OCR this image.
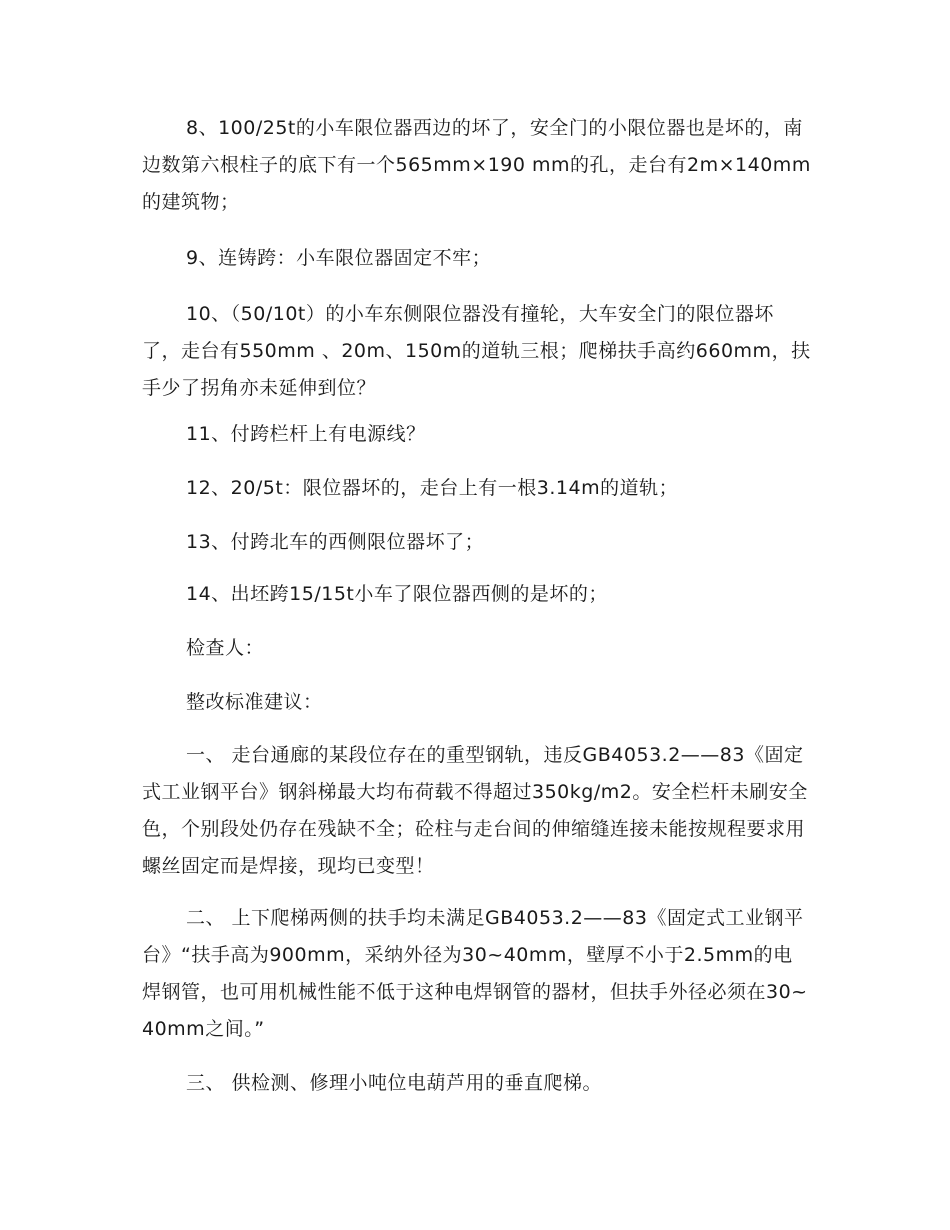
8、100/25t的小车限位器西边的坏了，安全门的小限位器也是坏的，南边数第六根柱子的底下有一个565mm×190 mm的孔，走台有2m×140mm的建筑物；

9、连铸跨：小车限位器固定不牢；

10、（50/10t）的小车东侧限位器没有撞轮，大车安全门的限位器坏了，走台有550mm 、20m、150m的道轨三根；爬梯扶手高约660mm，扶手少了拐角亦未延伸到位？

11、付跨栏杆上有电源线？

12、20/5t：限位器坏的，走台上有一根3.14m的道轨；

13、付跨北车的西侧限位器坏了；

14、出坯跨15/15t小车了限位器西侧的是坏的；

检查人：

整改标准建议：

一、 走台通廊的某段位存在的重型钢轨，违反GB4053.2——83《固定式工业钢平台》钢斜梯最大均布荷载不得超过350kg/m2。安全栏杆未刷安全色，个别段处仍存在残缺不全；砼柱与走台间的伸缩缝连接未能按规程要求用螺丝固定而是焊接，现均已变型！

二、 上下爬梯两侧的扶手均未满足GB4053.2——83《固定式工业钢平台》“扶手高为900mm，采纳外径为30~40mm，壁厚不小于2.5mm的电焊钢管，也可用机械性能不低于这种电焊钢管的器材，但扶手外径必须在30~40mm之间。”

三、 供检测、修理小吨位电葫芦用的垂直爬梯。
